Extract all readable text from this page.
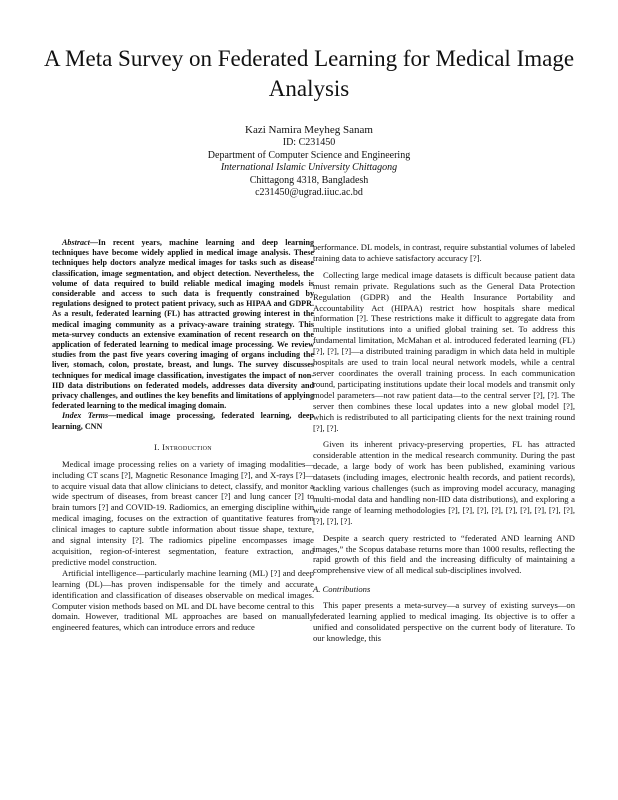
A Meta Survey on Federated Learning for Medical Image Analysis
Kazi Namira Meyheg Sanam
ID: C231450
Department of Computer Science and Engineering
International Islamic University Chittagong
Chittagong 4318, Bangladesh
c231450@ugrad.iiuc.ac.bd

Abstract—In recent years, machine learning and deep learning techniques have become widely applied in medical image analysis. These techniques help doctors analyze medical images for tasks such as disease classification, image segmentation, and object detection. Nevertheless, the volume of data required to build reliable medical imaging models is considerable and access to such data is frequently constrained by regulations designed to protect patient privacy, such as HIPAA and GDPR. As a result, federated learning (FL) has attracted growing interest in the medical imaging community as a privacy-aware training strategy. This meta-survey conducts an extensive examination of recent research on the application of federated learning to medical image processing. We review studies from the past five years covering imaging of organs including the liver, stomach, colon, prostate, breast, and lungs. The survey discusses techniques for medical image classification, investigates the impact of non-IID data distributions on federated models, addresses data diversity and privacy challenges, and outlines the key benefits and limitations of applying federated learning to the medical imaging domain.

Index Terms—medical image processing, federated learning, deep learning, CNN

I. Introduction

Medical image processing relies on a variety of imaging modalities—including CT scans [?], Magnetic Resonance Imaging [?], and X-rays [?]—to acquire visual data that allow clinicians to detect, classify, and monitor a wide spectrum of diseases, from breast cancer [?] and lung cancer [?] to brain tumors [?] and COVID-19. Radiomics, an emerging discipline within medical imaging, focuses on the extraction of quantitative features from clinical images to capture subtle information about tissue shape, texture, and signal intensity [?]. The radiomics pipeline encompasses image acquisition, region-of-interest segmentation, feature extraction, and predictive model construction.

Artificial intelligence—particularly machine learning (ML) [?] and deep learning (DL)—has proven indispensable for the timely and accurate identification and classification of diseases observable on medical images. Computer vision methods based on ML and DL have become central to this domain. However, traditional ML approaches are based on manually engineered features, which can introduce errors and reduce

performance. DL models, in contrast, require substantial volumes of labeled training data to achieve satisfactory accuracy [?].

Collecting large medical image datasets is difficult because patient data must remain private. Regulations such as the General Data Protection Regulation (GDPR) and the Health Insurance Portability and Accountability Act (HIPAA) restrict how hospitals share medical information [?]. These restrictions make it difficult to aggregate data from multiple institutions into a unified global training set. To address this fundamental limitation, McMahan et al. introduced federated learning (FL) [?], [?], [?]—a distributed training paradigm in which data held in multiple hospitals are used to train local neural network models, while a central server coordinates the overall training process. In each communication round, participating institutions update their local models and transmit only model parameters—not raw patient data—to the central server [?], [?]. The server then combines these local updates into a new global model [?], which is redistributed to all participating clients for the next training round [?], [?].

Given its inherent privacy-preserving properties, FL has attracted considerable attention in the medical research community. During the past decade, a large body of work has been published, examining various datasets (including images, electronic health records, and patient records), tackling various challenges (such as improving model accuracy, managing multi-modal data and handling non-IID data distributions), and exploring a wide range of learning methodologies [?], [?], [?], [?], [?], [?], [?], [?], [?], [?], [?], [?].

Despite a search query restricted to “federated AND learning AND images,” the Scopus database returns more than 1000 results, reflecting the rapid growth of this field and the increasing difficulty of maintaining a comprehensive view of all medical sub-disciplines involved.

A. Contributions

This paper presents a meta-survey—a survey of existing surveys—on federated learning applied to medical imaging. Its objective is to offer a unified and consolidated perspective on the current body of literature. To our knowledge, this
